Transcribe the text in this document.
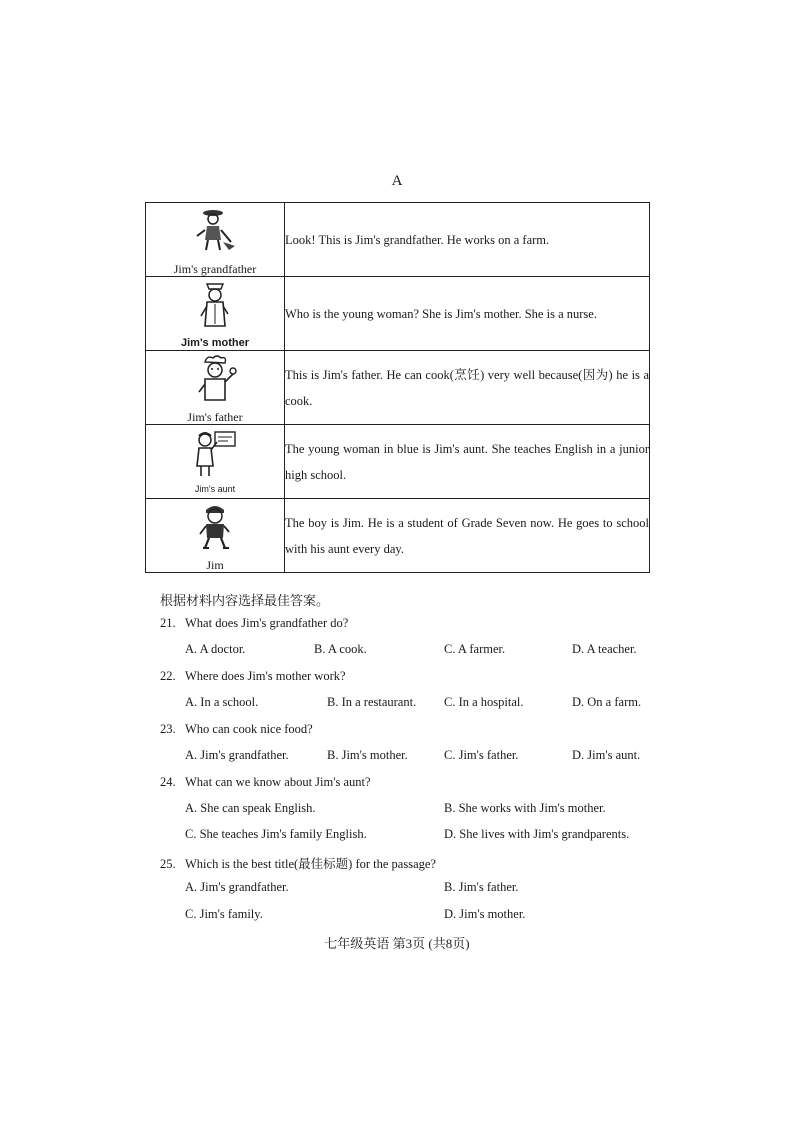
A
Jim's grandfather	Look! This is Jim's grandfather. He works on a farm.

Jim's mother	Who is the young woman? She is Jim's mother. She is a nurse.

Jim's father	This is Jim's father. He can cook(烹饪) very well because(因为) he is a cook.

Jim's aunt	The young woman in blue is Jim's aunt. She teaches English in a junior high school.

Jim	The boy is Jim. He is a student of Grade Seven now. He goes to school with his aunt every day.
根据材料内容选择最佳答案。
21. What does Jim's grandfather do?
A. A doctor.	B. A cook.	C. A farmer.	D. A teacher.
22. Where does Jim's mother work?
A. In a school.	B. In a restaurant. C. In a hospital.	D. On a farm.
23. Who can cook nice food?
A. Jim's grandfather.	B. Jim's mother.	C. Jim's father.	D. Jim's aunt.
24. What can we know about Jim's aunt?
A. She can speak English.	B. She works with Jim's mother.
C. She teaches Jim's family English.	D. She lives with Jim's grandparents.
25. Which is the best title(最佳标题) for the passage?
A. Jim's grandfather.	B. Jim's father.
C. Jim's family.	D. Jim's mother.
七年级英语 第3页 (共8页)
